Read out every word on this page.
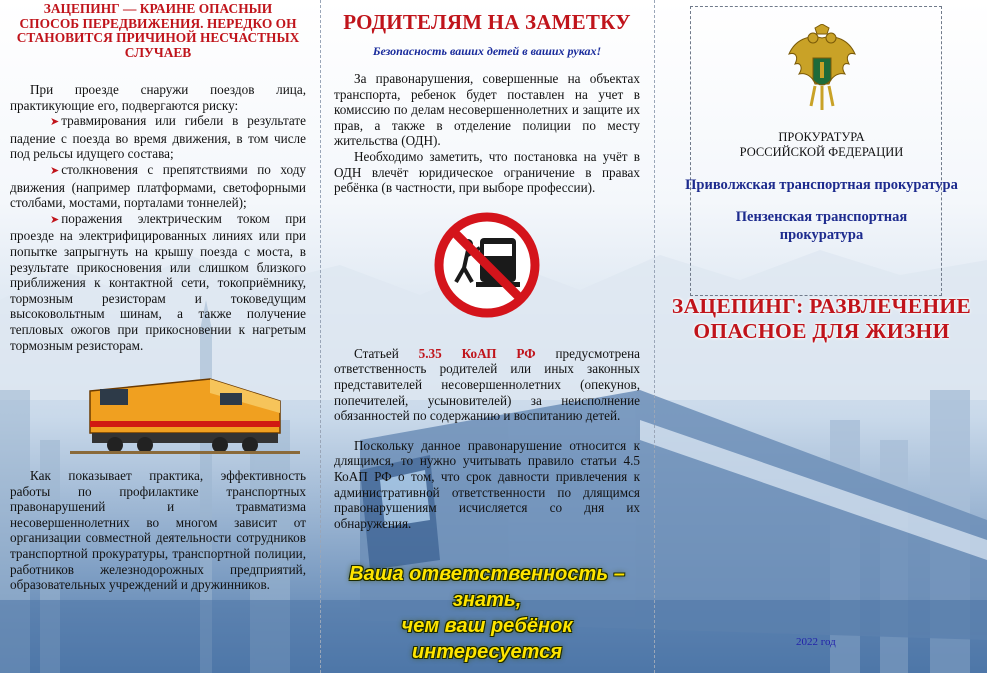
ЗАЦЕПИНГ — КРАИНЕ ОПАСНЫИ СПОСОБ ПЕРЕДВИЖЕНИЯ. НЕРЕДКО ОН СТАНОВИТСЯ ПРИЧИНОЙ НЕСЧАСТНЫХ СЛУЧАЕВ

При проезде снаружи поездов лица, практикующие его, подвергаются риску:

➤ травмирования или гибели в результате падение с поезда во время движения, в том числе под рельсы идущего состава;

➤ столкновения с препятствиями по ходу движения (например платформами, светофорными столбами, мостами, порталами тоннелей);

➤ поражения электрическим током при проезде на электрифицированных линиях или при попытке запрыгнуть на крышу поезда с моста, в результате прикосновения или слишком близкого приближения к контактной сети, токоприёмнику, тормозным резисторам и токоведущим высоковольтным шинам, а также получение тепловых ожогов при прикосновении к нагретым тормозным резисторам.

Как показывает практика, эффективность работы по профилактике транспортных правонарушений и травматизма несовершеннолетних во многом зависит от организации совместной деятельности сотрудников транспортной прокуратуры, транспортной полиции, работников железнодорожных предприятий, образовательных учреждений и дружинников.

РОДИТЕЛЯМ НА ЗАМЕТКУ
Безопасность ваших детей в ваших руках!

За правонарушения, совершенные на объектах транспорта, ребенок будет поставлен на учет в комиссию по делам несовершеннолетних и защите их прав, а также в отделение полиции по месту жительства (ОДН).

Необходимо заметить, что постановка на учёт в ОДН влечёт юридическое ограничение в правах ребёнка (в частности, при выборе профессии).

Статьей 5.35 КоАП РФ предусмотрена ответственность родителей или иных законных представителей несовершеннолетних (опекунов, попечителей, усыновителей) за неисполнение обязанностей по содержанию и воспитанию детей.

Поскольку данное правонарушение относится к длящимся, то нужно учитывать правило статьи 4.5 КоАП РФ о том, что срок давности привлечения к административной ответственности по длящимся правонарушениям исчисляется со дня их обнаружения.

Ваша ответственность – знать,
чем ваш ребёнок интересуется
ПРОКУРАТУРА
РОССИЙСКОЙ ФЕДЕРАЦИИ
Приволжская транспортная прокуратура
Пензенская транспортная прокуратура
ЗАЦЕПИНГ: РАЗВЛЕЧЕНИЕ ОПАСНОЕ ДЛЯ ЖИЗНИ
2022 год
